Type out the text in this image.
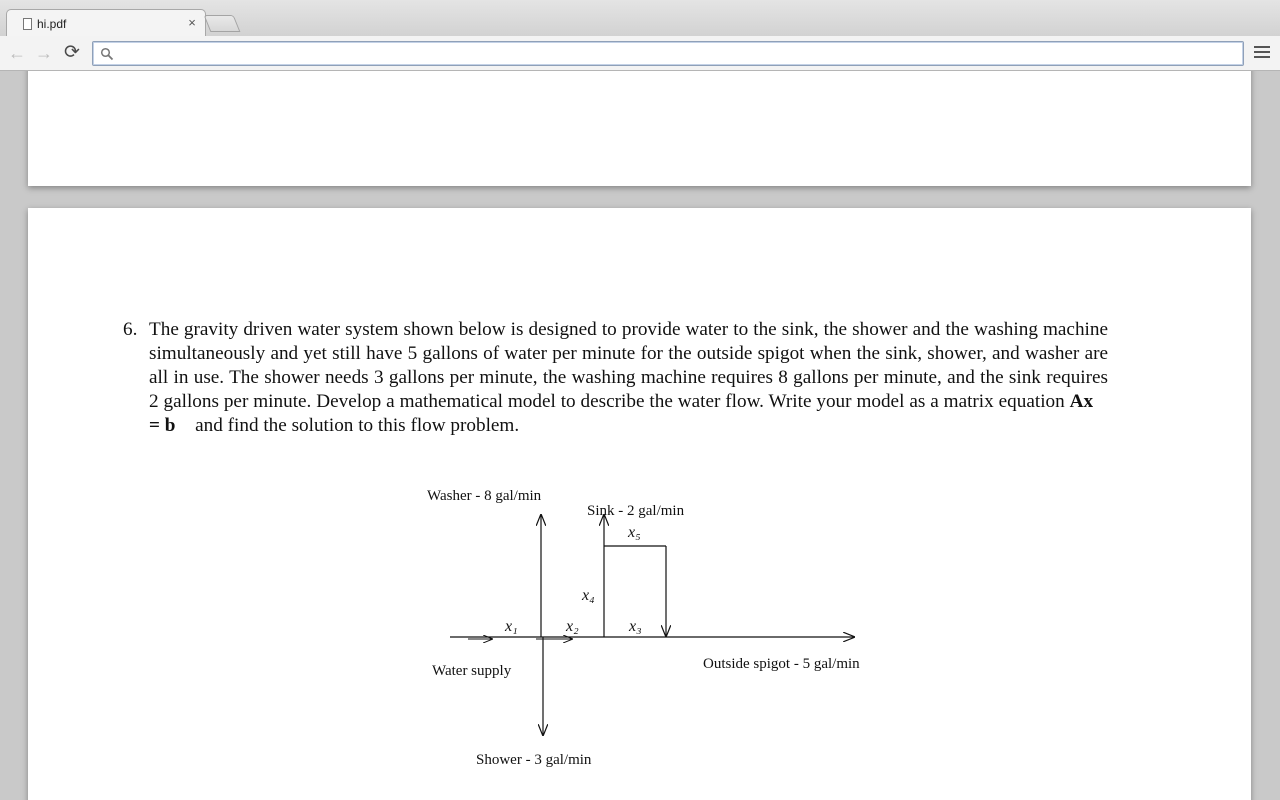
hi.pdf	×
← → ⟳
6. The gravity driven water system shown below is designed to provide water to the sink, the shower and the washing machine simultaneously and yet still have 5 gallons of water per minute for the outside spigot when the sink, shower, and washer are all in use. The shower needs 3 gallons per minute, the washing machine requires 8 gallons per minute, and the sink requires 2 gallons per minute. Develop a mathematical model to describe the water flow. Write your model as a matrix equation Ax⃗ = b⃗ and find the solution to this flow problem.
Washer - 8 gal/min
Sink - 2 gal/min
Water supply	Outside spigot - 5 gal/min
Shower - 3 gal/min
x₁	x₂	x₃
x₄
x₅
